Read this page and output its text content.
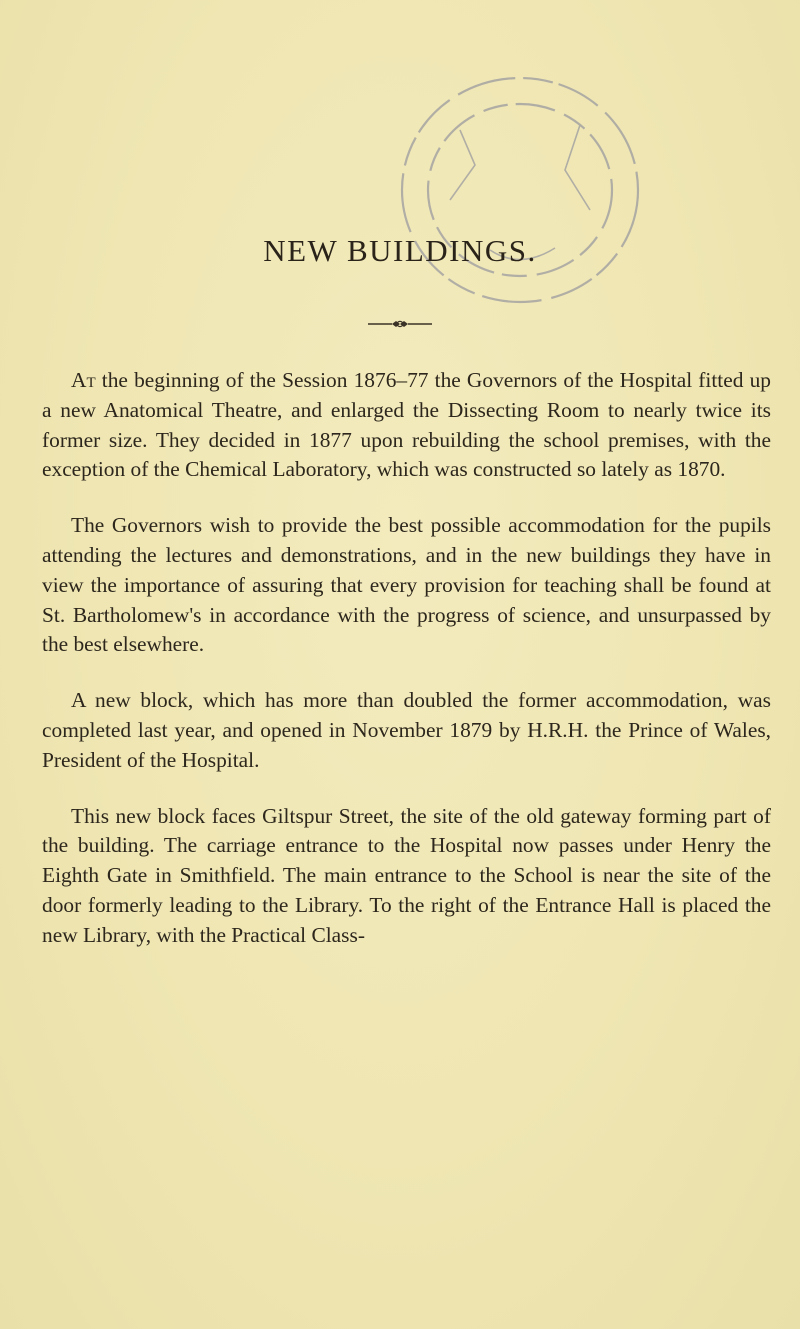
NEW BUILDINGS.

At the beginning of the Session 1876–77 the Governors of the Hospital fitted up a new Anatomical Theatre, and enlarged the Dissecting Room to nearly twice its former size. They decided in 1877 upon rebuilding the school premises, with the exception of the Chemical Laboratory, which was constructed so lately as 1870.

The Governors wish to provide the best possible accommodation for the pupils attending the lectures and demonstrations, and in the new buildings they have in view the importance of assuring that every provision for teaching shall be found at St. Bartholomew's in accordance with the progress of science, and unsurpassed by the best elsewhere.

A new block, which has more than doubled the former accommodation, was completed last year, and opened in November 1879 by H.R.H. the Prince of Wales, President of the Hospital.

This new block faces Giltspur Street, the site of the old gateway forming part of the building. The carriage entrance to the Hospital now passes under Henry the Eighth Gate in Smithfield. The main entrance to the School is near the site of the door formerly leading to the Library. To the right of the Entrance Hall is placed the new Library, with the Practical Class-
